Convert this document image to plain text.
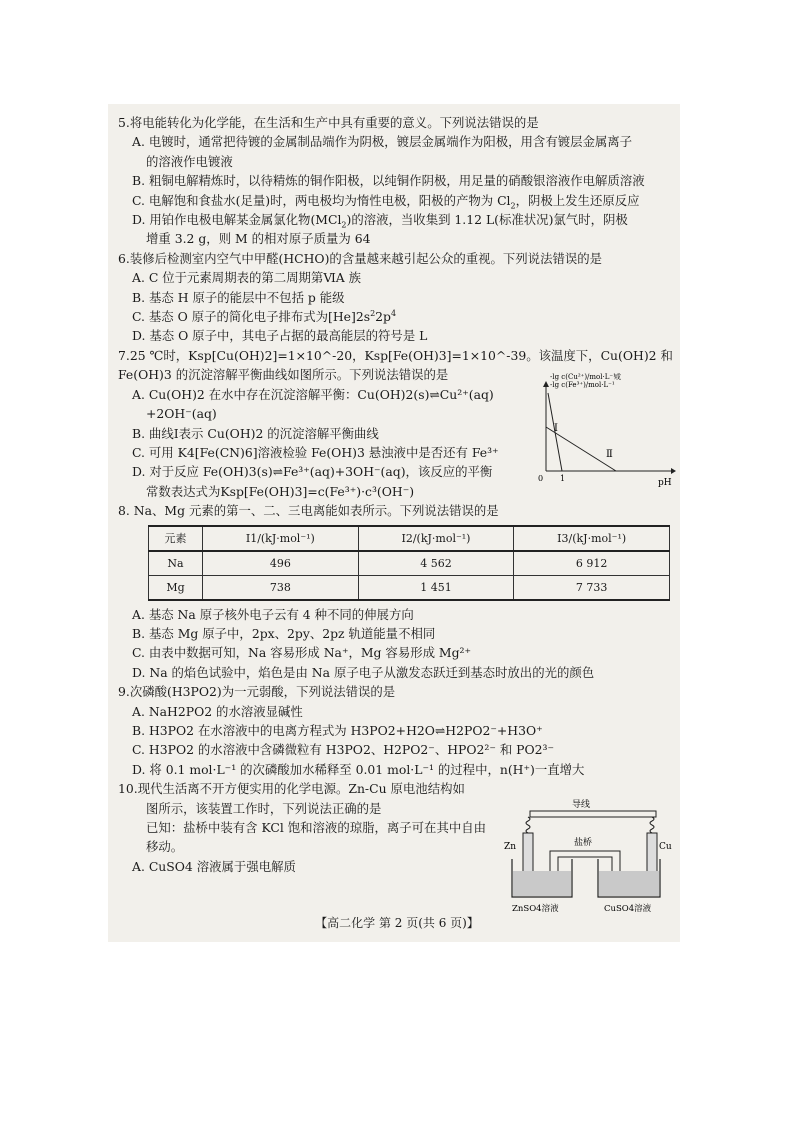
5.将电能转化为化学能，在生活和生产中具有重要的意义。下列说法错误的是
A. 电镀时，通常把待镀的金属制品端作为阴极，镀层金属端作为阳极，用含有镀层金属离子
的溶液作电镀液
B. 粗铜电解精炼时，以待精炼的铜作阳极，以纯铜作阴极，用足量的硝酸银溶液作电解质溶液
C. 电解饱和食盐水(足量)时，两电极均为惰性电极，阳极的产物为 $Cl_2$，阴极上发生还原反应
D. 用铂作电极电解某金属氯化物(MCl$_2$)的溶液，当收集到 1.12 L(标准状况)氯气时，阴极
增重 3.2 g，则 M 的相对原子质量为 64
6.装修后检测室内空气中甲醛(HCHO)的含量越来越引起公众的重视。下列说法错误的是
A. C 位于元素周期表的第二周期第ⅥA 族
B. 基态 H 原子的能层中不包括 p 能级
C. 基态 O 原子的简化电子排布式为$[He]2s^22p^4$
D. 基态 O 原子中，其电子占据的最高能层的符号是 L
7.25 ℃时，Ksp[Cu(OH)2]=1×10^-20，Ksp[Fe(OH)3]=1×10^-39。该温度下，Cu(OH)2 和
Fe(OH)3 的沉淀溶解平衡曲线如图所示。下列说法错误的是
A. Cu(OH)2 在水中存在沉淀溶解平衡：Cu(OH)2(s)⇌Cu²⁺(aq)
+2OH⁻(aq)
B. 曲线Ⅰ表示 Cu(OH)2 的沉淀溶解平衡曲线
C. 可用 K4[Fe(CN)6]溶液检验 Fe(OH)3 悬浊液中是否还有 Fe³⁺
D. 对于反应 Fe(OH)3(s)⇌Fe³⁺(aq)+3OH⁻(aq)，该反应的平衡
常数表达式为Ksp[Fe(OH)3]=c(Fe³⁺)·c³(OH⁻)
8. Na、Mg 元素的第一、二、三电离能如表所示。下列说法错误的是
元素	I1/(kJ·mol⁻¹)	I2/(kJ·mol⁻¹)	I3/(kJ·mol⁻¹)
Na	496	4 562	6 912
Mg	738	1 451	7 733
A. 基态 Na 原子核外电子云有 4 种不同的伸展方向
B. 基态 Mg 原子中，2px、2py、2pz 轨道能量不相同
C. 由表中数据可知，Na 容易形成 Na⁺，Mg 容易形成 Mg²⁺
D. Na 的焰色试验中，焰色是由 Na 原子电子从激发态跃迁到基态时放出的光的颜色
9.次磷酸(H3PO2)为一元弱酸，下列说法错误的是
A. NaH2PO2 的水溶液显碱性
B. H3PO2 在水溶液中的电离方程式为 H3PO2+H2O⇌H2PO2⁻+H3O⁺
C. H3PO2 的水溶液中含磷微粒有 H3PO2、H2PO2⁻、HPO2²⁻ 和 PO2³⁻
D. 将 0.1 mol·L⁻¹ 的次磷酸加水稀释至 0.01 mol·L⁻¹ 的过程中，n(H⁺)一直增大
10.现代生活离不开方便实用的化学电源。Zn-Cu 原电池结构如
图所示，该装置工作时，下列说法正确的是
已知：盐桥中装有含 KCl 饱和溶液的琼脂，离子可在其中自由
移动。
A. CuSO4 溶液属于强电解质
-lg c(Cu²⁺)/mol·L⁻¹
或
-lg c(Fe³⁺)/mol·L⁻¹
Ⅰ
Ⅱ
0 1	pH
导线
Zn	Cu
盐桥
ZnSO4溶液	CuSO4溶液
【高二化学 第 2 页(共 6 页)】
